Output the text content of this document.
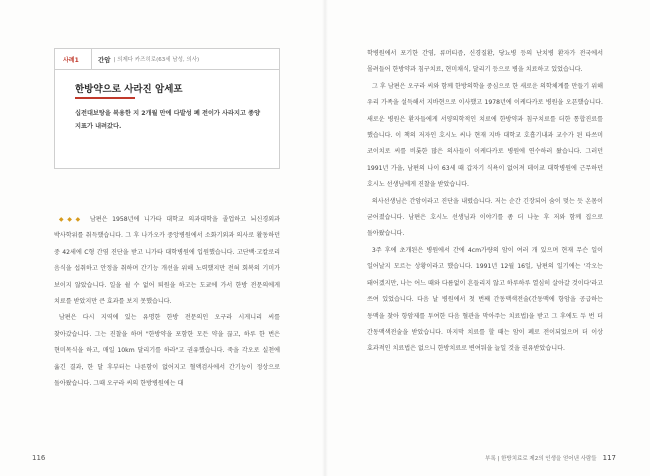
사례1	간암 | 의제다 카즈히로(63세 남성, 의사)
한방약으로 사라진 암세포
십전대보탕을 복용한 지 2개월 만에 다발성 폐 전이가 사라지고 종양지표가 내려갔다.

◆◆◆ 남편은 1958년에 니가타 대학교 의과대학을 졸업하고 뇌신경외과 박사학위를 취득했습니다. 그 후 나가오카 중앙병원에서 소화기외과 의사로 활동하던 중 42세에 C형 간염 진단을 받고 니가타 대학병원에 입원했습니다. 고단백·고칼로리 음식을 섭취하고 안정을 취하며 간기능 개선을 위해 노력했지만 전혀 회복의 기미가 보이지 않았습니다. 일을 쉴 수 없어 퇴원을 하고는 도쿄에 가서 한방 전문의에게 치료를 받았지만 큰 효과를 보지 못했습니다.

남편은 다시 지역에 있는 유명한 한방 전문의인 오구라 시게니리 씨를 찾아갔습니다. 그는 진찰을 하며 "한방약을 포함한 모든 약을 끊고, 하루 한 번은 현미목식을 하고, 매일 10km 달리기를 하라"고 권유했습니다. 죽을 각오로 실천에 옮긴 결과, 한 달 후부터는 나른함이 없어지고 혈액검사에서 간기능이 정상으로 돌아왔습니다. 그때 오구라 씨의 한방병원에는 대

116

학병원에서 포기한 간염, 류머티즘, 신경질환, 당뇨병 등의 난치병 환자가 전국에서 몰려들어 한방약과 침구치료, 현미채식, 달리기 등으로 병을 치료하고 있었습니다.

그 후 남편은 오구라 씨와 함께 한방의학을 중심으로 한 새로운 의학체계를 만들기 위해 우리 가족을 설득해서 지바현으로 이사했고 1978년에 이케다카로 병원을 오픈했습니다. 새로운 병원은 환자들에게 서양의학적인 치료에 한방약과 침구치료를 더한 통합진료를 했습니다. 이 책의 저자인 호시노 씨나 현재 지바 대학교 호흡기내과 교수가 된 타쓰미 코이치로 씨를 비롯한 많은 의사들이 이케다카로 병원에 연수하러 왔습니다. 그러던 1991년 가을, 남편의 나이 63세 때 갑자기 식욕이 없어져 데이쿄 대학병원에 근무하던 호시노 선생님에게 진찰을 받았습니다.

의사선생님은 간암이라고 진단을 내렸습니다. 저는 순간 긴장되어 숨이 멎는 듯 온몸이 굳어졌습니다. 남편은 호시노 선생님과 이야기를 좀 더 나눈 후 저와 함께 집으로 돌아왔습니다.

3주 후에 초개된은 병원에서 간에 4cm가량의 암이 여러 개 있으며 현재 무슨 일이 일어날지 모르는 상황이라고 했습니다. 1991년 12월 16일, 남편의 일기에는 '각오는 돼어겠지만, 나는 어느 때와 다름없이 흔들리지 않고 하루하루 열심히 살아갈 것이다'라고 쓰여 있었습니다. 다음 날 병원에서 첫 번째 간동맥색전술(간동맥에 항암을 공급하는 동맥을 찾아 항암제를 투여한 다음 혈관을 막아주는 치료법)을 받고 그 후에도 두 번 더 간동맥색전술을 받았습니다. 마지막 치료를 할 때는 암이 폐로 전이되었으며 더 이상 효과적인 치료법은 없으니 한방치료로 변여둬을 늘일 것을 권유받았습니다.

부록 | 한방치료로 제2의 인생을 얻어낸 사람들 117
